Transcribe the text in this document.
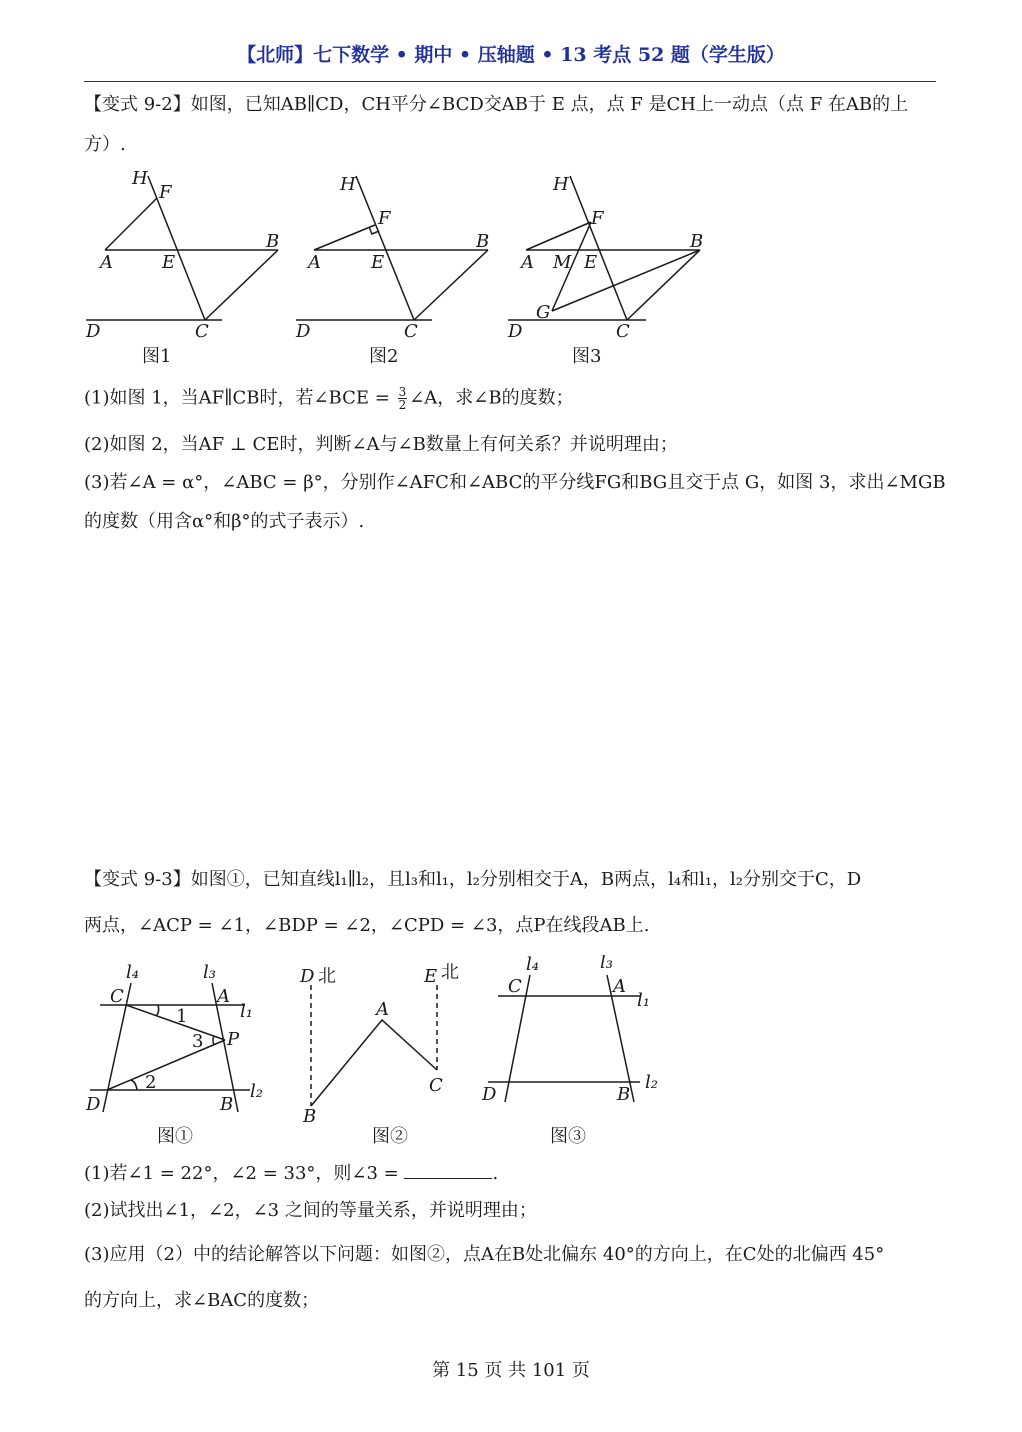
【北师】七下数学 • 期中 • 压轴题 • 13 考点 52 题（学生版）
【变式 9-2】如图，已知AB∥CD，CH平分∠BCD交AB于 E 点，点 F 是CH上一动点（点 F 在AB的上
方）.
H
F
A	E
B
D	C
H
F
A	E
B
D	C
H
F
A M E
B
G
D	C
图1	图2	图3
(1)如图 1，当AF∥CB时，若∠BCE = $\frac{3}{2}$ ∠A，求∠B的度数；
(2)如图 2，当AF ⊥ CE时，判断∠A与∠B数量上有何关系？并说明理由；
(3)若∠A = α°，∠ABC = β°，分别作∠AFC和∠ABC的平分线FG和BG且交于点 G，如图 3，求出∠MGB
的度数（用含α°和β°的式子表示）.
【变式 9-3】如图①，已知直线l₁∥l₂，且l₃和l₁，l₂分别相交于A，B两点，l₄和l₁，l₂分别交于C，D
两点，∠ACP = ∠1，∠BDP = ∠2，∠CPD = ∠3，点P在线段AB上.
l₄	l₃
C	A
l₁
1
3 P
2
D	B
l₂
D 北	E 北
A
C
B
l₄	l₃
C	A
l₁
D	B
l₂
图①	图②	图③
(1)若∠1 = 22°，∠2 = 33°，则∠3 =	.
(2)试找出∠1，∠2，∠3 之间的等量关系，并说明理由；
(3)应用（2）中的结论解答以下问题：如图②，点A在B处北偏东 40°的方向上，在C处的北偏西 45°
的方向上，求∠BAC的度数；
第 15 页 共 101 页
